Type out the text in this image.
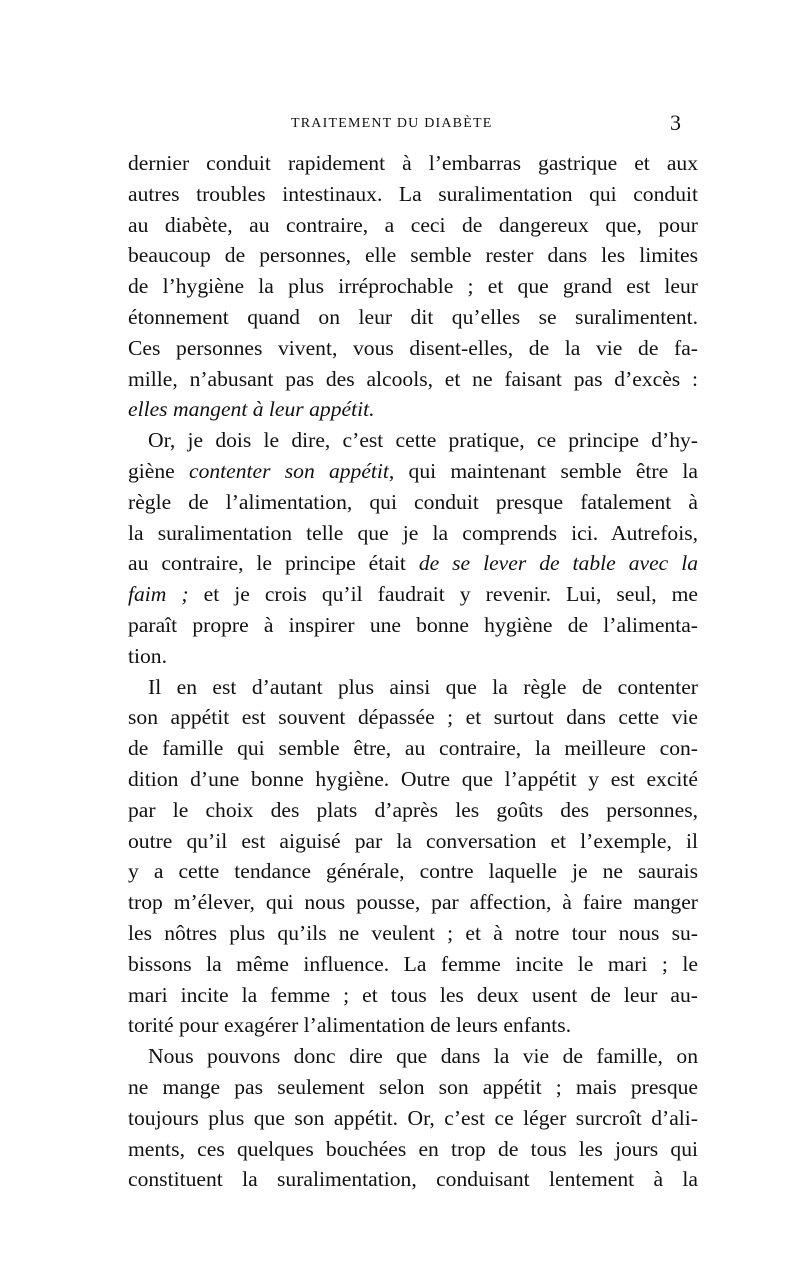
TRAITEMENT DU DIABÈTE	3
dernier conduit rapidement à l’embarras gastrique et aux
autres troubles intestinaux. La suralimentation qui conduit
au diabète, au contraire, a ceci de dangereux que, pour
beaucoup de personnes, elle semble rester dans les limites
de l’hygiène la plus irréprochable ; et que grand est leur
étonnement quand on leur dit qu’elles se suralimentent.
Ces personnes vivent, vous disent-elles, de la vie de fa-
mille, n’abusant pas des alcools, et ne faisant pas d’excès :
elles mangent à leur appétit.
Or, je dois le dire, c’est cette pratique, ce principe d’hy-
giène contenter son appétit, qui maintenant semble être la
règle de l’alimentation, qui conduit presque fatalement à
la suralimentation telle que je la comprends ici. Autrefois,
au contraire, le principe était de se lever de table avec la
faim ; et je crois qu’il faudrait y revenir. Lui, seul, me
paraît propre à inspirer une bonne hygiène de l’alimenta-
tion.
Il en est d’autant plus ainsi que la règle de contenter
son appétit est souvent dépassée ; et surtout dans cette vie
de famille qui semble être, au contraire, la meilleure con-
dition d’une bonne hygiène. Outre que l’appétit y est excité
par le choix des plats d’après les goûts des personnes,
outre qu’il est aiguisé par la conversation et l’exemple, il
y a cette tendance générale, contre laquelle je ne saurais
trop m’élever, qui nous pousse, par affection, à faire manger
les nôtres plus qu’ils ne veulent ; et à notre tour nous su-
bissons la même influence. La femme incite le mari ; le
mari incite la femme ; et tous les deux usent de leur au-
torité pour exagérer l’alimentation de leurs enfants.
Nous pouvons donc dire que dans la vie de famille, on
ne mange pas seulement selon son appétit ; mais presque
toujours plus que son appétit. Or, c’est ce léger surcroît d’ali-
ments, ces quelques bouchées en trop de tous les jours qui
constituent la suralimentation, conduisant lentement à la
